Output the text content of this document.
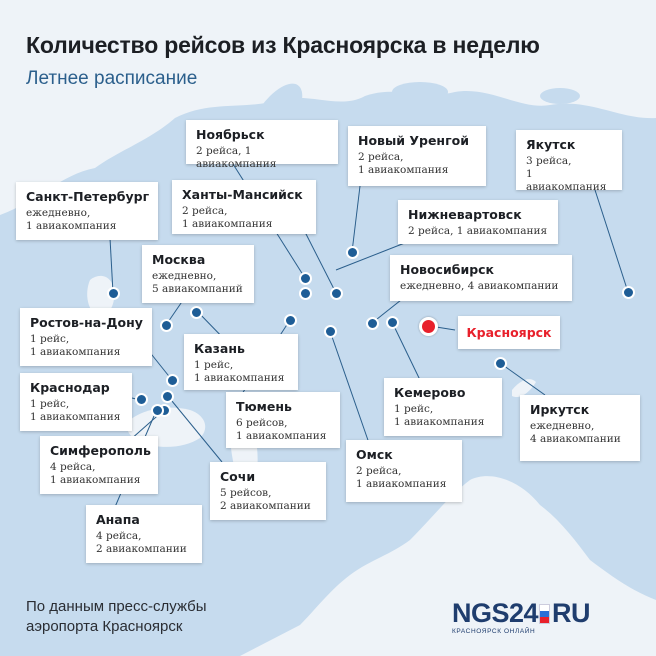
Количество рейсов из Красноярска в неделю
Летнее расписание
Красноярск
Ноябрьск
2 рейса, 1 авиакомпания
Новый Уренгой
2 рейса,
1 авиакомпания
Якутск
3 рейса,
1 авиакомпания
Санкт-Петербург
ежедневно,
1 авиакомпания
Ханты-Мансийск
2 рейса,
1 авиакомпания
Нижневартовск
2 рейса, 1 авиакомпания
Москва
ежедневно,
5 авиакомпаний
Новосибирск
ежедневно, 4 авиакомпании
Ростов-на-Дону
1 рейс,
1 авиакомпания	Казань
1 рейс,
1 авиакомпания
Кемерово
1 рейс,
1 авиакомпания
Краснодар
1 рейс,
1 авиакомпания
Тюмень
6 рейсов,
1 авиакомпания
Иркутск
ежедневно,
4 авиакомпании
Симферополь
4 рейса,
1 авиакомпания
Омск
2 рейса,
1 авиакомпания
Сочи
5 рейсов,
2 авиакомпании
Анапа
4 рейса,
2 авиакомпании
По данным пресс-службы
аэропорта Красноярск	NGS24 RU
КРАСНОЯРСК ОНЛАЙН
